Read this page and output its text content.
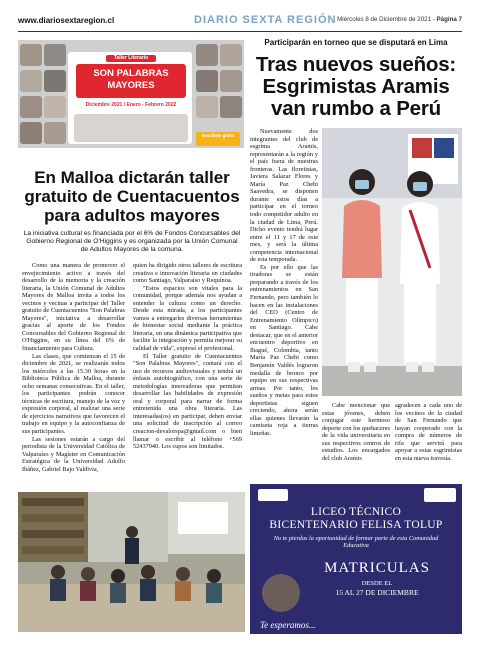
www.diariosextaregion.cl	DIARIO SEXTA REGIÓN Miércoles 8 de Diciembre de 2021 - Página 7
Taller Literario
SON PALABRAS
MAYORES
Diciembre 2021 / Enero - Febrero 2022
Inscribete gratis
En Malloa dictarán taller gratuito de Cuentacuentos para adultos mayores
La iniciativa cultural es financiada por el 6% de Fondos Concursables del Gobierno Regional de O'Higgins y es organizada por la Unión Comunal de Adultos Mayores de la comuna.

Como una manera de promover el envejecimiento activo a través del desarrollo de la memoria y la creación literaria, la Unión Comunal de Adultos Mayores de Malloa invita a todos los vecinos y vecinas a participar del Taller gratuito de Cuentacuentos "Son Palabras Mayores", iniciativa a desarrollar gracias al aporte de los Fondos Concursables del Gobierno Regional de O'Higgins, en su línea del 6% de financiamiento para Cultura.

Las clases, que comienzan el 15 de diciembre de 2021, se realizarán todos los miércoles a las 15.30 horas en la Biblioteca Pública de Malloa, durante ocho semanas consecutivas. En el taller, los participantes podrán conocer técnicas de escritura, manejo de la voz y expresión corporal, al realizar una serie de ejercicios narrativos que favorecen el trabajo en equipo y la autoconfianza de sus participantes.

Las sesiones estarán a cargo del periodista de la Universidad Católica de Valparaíso y Magíster en Comunicación Estratégica de la Universidad Adolfo Ibáñez, Gabriel Bajo Valdivia,

quien ha dirigido otros talleres de escritura creativa e innovación literaria en ciudades como Santiago, Valparaíso y Requínoa.

"Estos espacios son vitales para la comunidad, porque además nos ayudan a entender la cultura como un derecho. Desde esta mirada, a los participantes vamos a entregarles diversas herramientas de bienestar social mediante la práctica literaria, en una dinámica participativa que facilite la integración y permita mejorar su calidad de vida", expresó el profesional.

El Taller gratuito de Cuentacuentos "Son Palabras Mayores", contará con el uso de recursos audiovisuales y tendrá un énfasis autobiográfico, con una serie de metodologías innovadoras que permitan desarrollar las habilidades de expresión oral y corporal para narrar de forma entretenida una obra literaria. Las interesadas(os) en participar, deben enviar una solicitud de inscripción al correo creacion-devalorspa@gmail.com o bien llamar o escribir al teléfono +569 52437940. Los cupos son limitados.

Participarán en torneo que se disputará en Lima
Tras nuevos sueños: Esgrimistas Aramis van rumbo a Perú

Nuevamente dos integrantes del club de esgrima Aramis, representarán a la región y el país fuera de nuestras fronteras. Las floretistas, Javiera Salazar Flores y María Paz Chebi Saavedra, se disponen durante estos días a participar en el torneo todo competidor adulto en la ciudad de Lima, Perú. Dicho evento tendrá lugar entre el 11 y 17 de este mes, y será la última competencia internacional de esta temporada.

Es por ello que las tiradoras se están preparando a través de los entrenamientos en San Fernando, pero también lo hacen en las instalaciones del CEO (Centro de Entrenamiento Olímpico) en Santiago. Cabe destacar, que en el anterior encuentro deportivo en Ibagué, Colombia, tanto María Paz Chebi como Benjamín Valdés lograron medalla de bronce por equipo en sus respectivas armas. Por tanto, los sueños y metas para estos deportistas siguen creciendo, ahora serán ellas quienes llevarán la camiseta roja a tierras limeñas.

Cabe mencionar que estas jóvenes, deben conjugar este hermoso deporte con los quehaceres de la vida universitaria en sus respectivos centros de estudios. Los encargados del club Aramis

agradecen a cada uno de los vecinos de la ciudad de San Fernando que hayan cooperado con la compra de números de rifa que servirá para apoyar a estas esgrimistas en esta nueva travesía.

LICEO TÉCNICO
BICENTENARIO FELISA TOLUP
No te pierdas la oportunidad de formar parte de esta Comunidad Educativa
MATRICULAS
DESDE EL
15 AL 27 DE DICIEMBRE
Te esperamos...
